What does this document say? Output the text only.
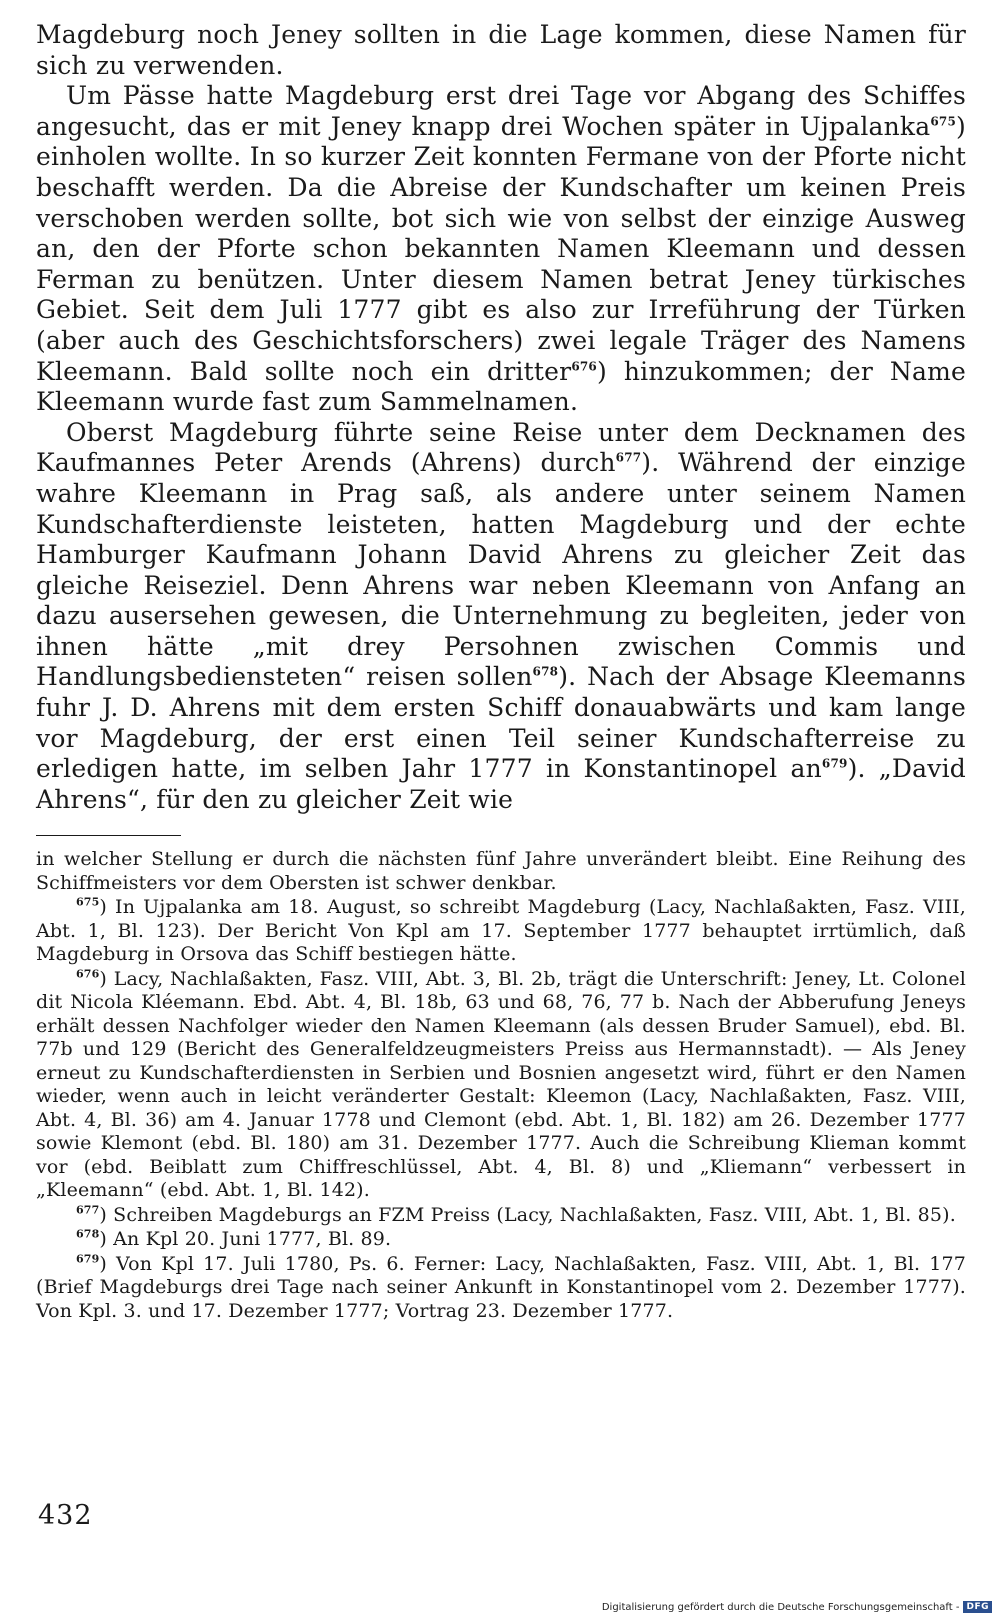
Magdeburg noch Jeney sollten in die Lage kommen, diese Namen für sich zu verwenden.

Um Pässe hatte Magdeburg erst drei Tage vor Abgang des Schiffes angesucht, das er mit Jeney knapp drei Wochen später in Ujpalanka$^{675}$) einholen wollte. In so kurzer Zeit konnten Fermane von der Pforte nicht beschafft werden. Da die Abreise der Kundschafter um keinen Preis verschoben werden sollte, bot sich wie von selbst der einzige Ausweg an, den der Pforte schon bekannten Namen Kleemann und dessen Ferman zu benützen. Unter diesem Namen betrat Jeney türkisches Gebiet. Seit dem Juli 1777 gibt es also zur Irreführung der Türken (aber auch des Geschichtsforschers) zwei legale Träger des Namens Kleemann. Bald sollte noch ein dritter$^{676}$) hinzukommen; der Name Kleemann wurde fast zum Sammelnamen.

Oberst Magdeburg führte seine Reise unter dem Decknamen des Kaufmannes Peter Arends (Ahrens) durch$^{677}$). Während der einzige wahre Kleemann in Prag saß, als andere unter seinem Namen Kundschafterdienste leisteten, hatten Magdeburg und der echte Hamburger Kaufmann Johann David Ahrens zu gleicher Zeit das gleiche Reiseziel. Denn Ahrens war neben Kleemann von Anfang an dazu ausersehen gewesen, die Unternehmung zu begleiten, jeder von ihnen hätte „mit drey Persohnen zwischen Commis und Handlungsbediensteten“ reisen sollen$^{678}$). Nach der Absage Kleemanns fuhr J. D. Ahrens mit dem ersten Schiff donauabwärts und kam lange vor Magdeburg, der erst einen Teil seiner Kundschafterreise zu erledigen hatte, im selben Jahr 1777 in Konstantinopel an$^{679}$). „David Ahrens“, für den zu gleicher Zeit wie

in welcher Stellung er durch die nächsten fünf Jahre unverändert bleibt. Eine Reihung des Schiffmeisters vor dem Obersten ist schwer denkbar.

$^{675}$) In Ujpalanka am 18. August, so schreibt Magdeburg (Lacy, Nachlaßakten, Fasz. VIII, Abt. 1, Bl. 123). Der Bericht Von Kpl am 17. September 1777 behauptet irrtümlich, daß Magdeburg in Orsova das Schiff bestiegen hätte.

$^{676}$) Lacy, Nachlaßakten, Fasz. VIII, Abt. 3, Bl. 2b, trägt die Unterschrift: Jeney, Lt. Colonel dit Nicola Kléemann. Ebd. Abt. 4, Bl. 18b, 63 und 68, 76, 77 b. Nach der Abberufung Jeneys erhält dessen Nachfolger wieder den Namen Kleemann (als dessen Bruder Samuel), ebd. Bl. 77b und 129 (Bericht des Generalfeldzeugmeisters Preiss aus Hermannstadt). — Als Jeney erneut zu Kundschafterdiensten in Serbien und Bosnien angesetzt wird, führt er den Namen wieder, wenn auch in leicht veränderter Gestalt: Kleemon (Lacy, Nachlaßakten, Fasz. VIII, Abt. 4, Bl. 36) am 4. Januar 1778 und Clemont (ebd. Abt. 1, Bl. 182) am 26. Dezember 1777 sowie Klemont (ebd. Bl. 180) am 31. Dezember 1777. Auch die Schreibung Klieman kommt vor (ebd. Beiblatt zum Chiffreschlüssel, Abt. 4, Bl. 8) und „Kliemann“ verbessert in „Kleemann“ (ebd. Abt. 1, Bl. 142).

$^{677}$) Schreiben Magdeburgs an FZM Preiss (Lacy, Nachlaßakten, Fasz. VIII, Abt. 1, Bl. 85).

$^{678}$) An Kpl 20. Juni 1777, Bl. 89.

$^{679}$) Von Kpl 17. Juli 1780, Ps. 6. Ferner: Lacy, Nachlaßakten, Fasz. VIII, Abt. 1, Bl. 177 (Brief Magdeburgs drei Tage nach seiner Ankunft in Konstantinopel vom 2. Dezember 1777). Von Kpl. 3. und 17. Dezember 1777; Vortrag 23. Dezember 1777.

432
Digitalisierung gefördert durch die Deutsche Forschungsgemeinschaft - DFG
